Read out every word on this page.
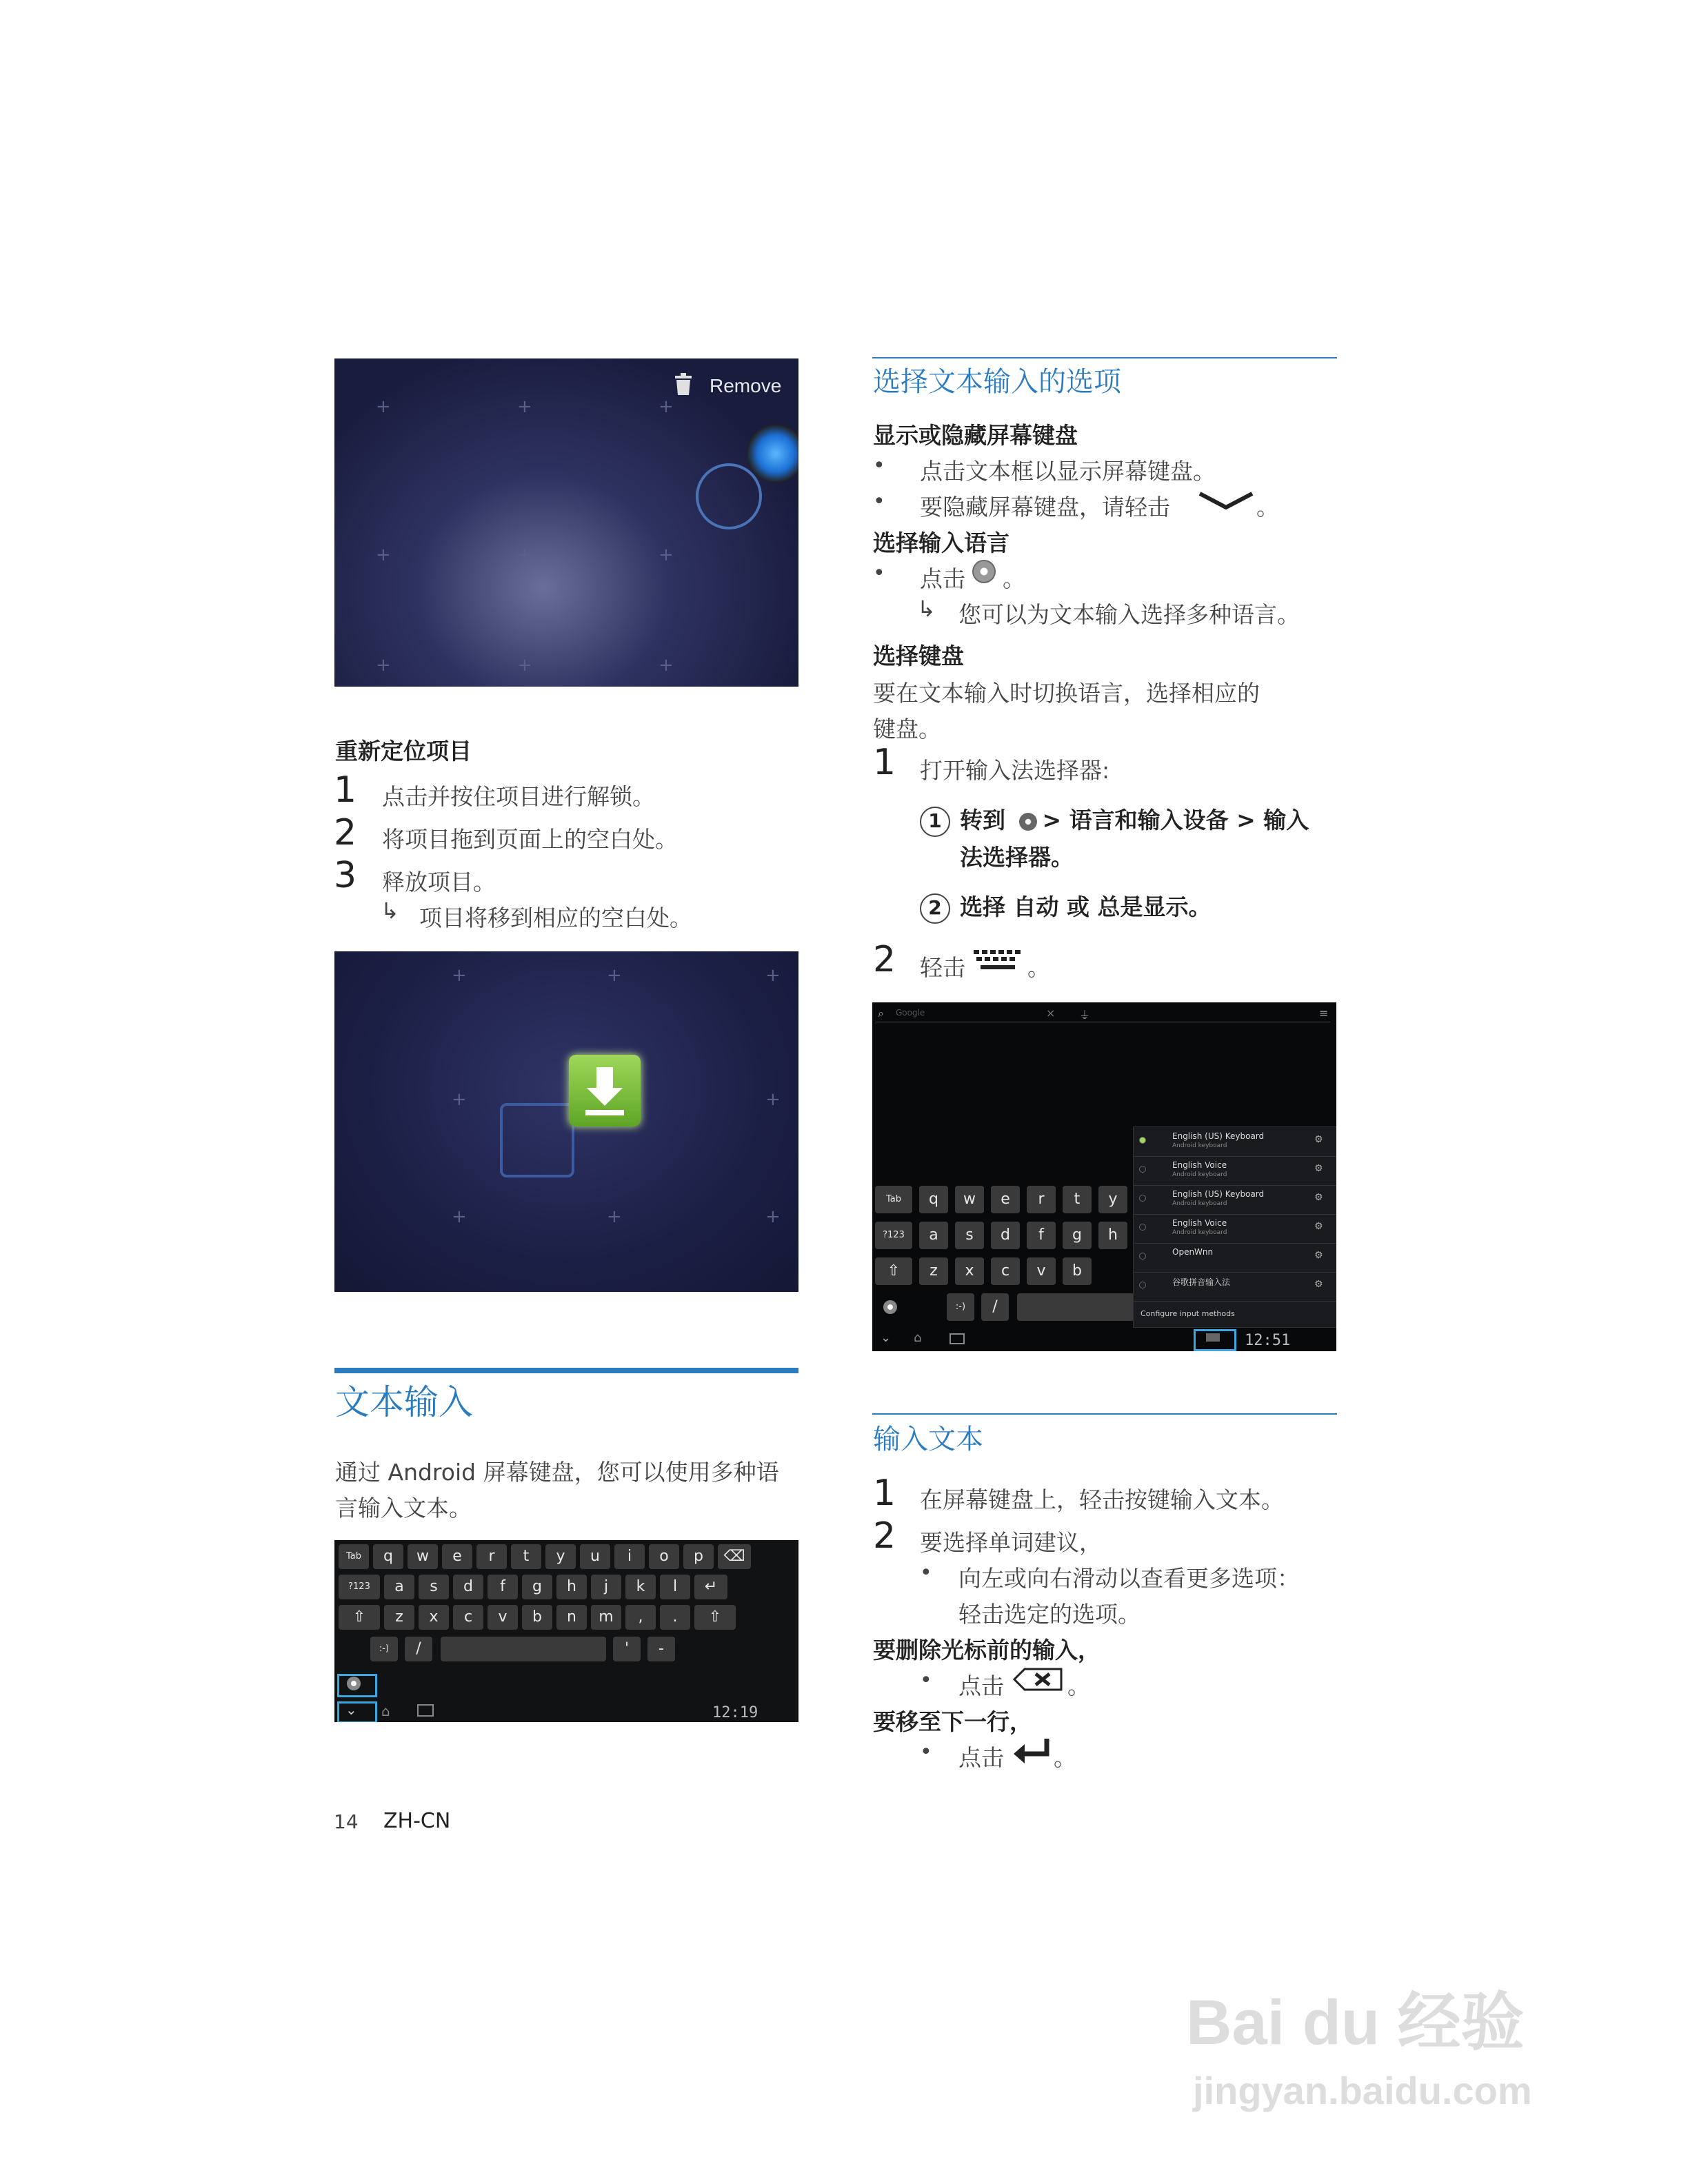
+	+	+
+	+	+
+	+	+
Remove
重新定位项目
1 点击并按住项目进行解锁。
2 将项目拖到页面上的空白处。
3 释放项目。
↳ 项目将移到相应的空白处。
+	+	+
+	+
+	+	+
文本输入
通过 Android 屏幕键盘，您可以使用多种语
言输入文本。
Tab	q	w	e	r	t	y	u	i	o	p	⌫
?123	a	s	d	f	g	h	j	k	l	↵
⇧	z	x	c	v	b	n	m	,	.	⇧
:-)	/	'	-
⌄ ⌂	12:19
14 ZH-CN
选择文本输入的选项
显示或隐藏屏幕键盘
• 点击文本框以显示屏幕键盘。
• 要隐藏屏幕键盘，请轻击	。
选择输入语言
• 点击 。
↳ 您可以为文本输入选择多种语言。
选择键盘
要在文本输入时切换语言，选择相应的
键盘。
1 打开输入法选择器:
1 转到 > 语言和输入设备 > 输入
法选择器。
2 选择 自动 或 总是显示。
2 轻击	。
⌕ Google	× ⏚	≡
Tab	q	w	e	r	t	y
?123	a	s	d	f	g	h
⇧	z	x	c	v	b
:-)	/
English (US) Keyboard
Android keyboard
⚙
English Voice
Android keyboard
⚙
English (US) Keyboard
Android keyboard
⚙
English Voice
Android keyboard
⚙
OpenWnn	⚙
谷歌拼音输入法	⚙
Configure input methods
⌄ ⌂	12:51
输入文本
1 在屏幕键盘上，轻击按键输入文本。
2 要选择单词建议，
• 向左或向右滑动以查看更多选项：
轻击选定的选项。
要删除光标前的输入，
• 点击	。
要移至下一行，
• 点击 。
Bai du 经验
jingyan.baidu.com
